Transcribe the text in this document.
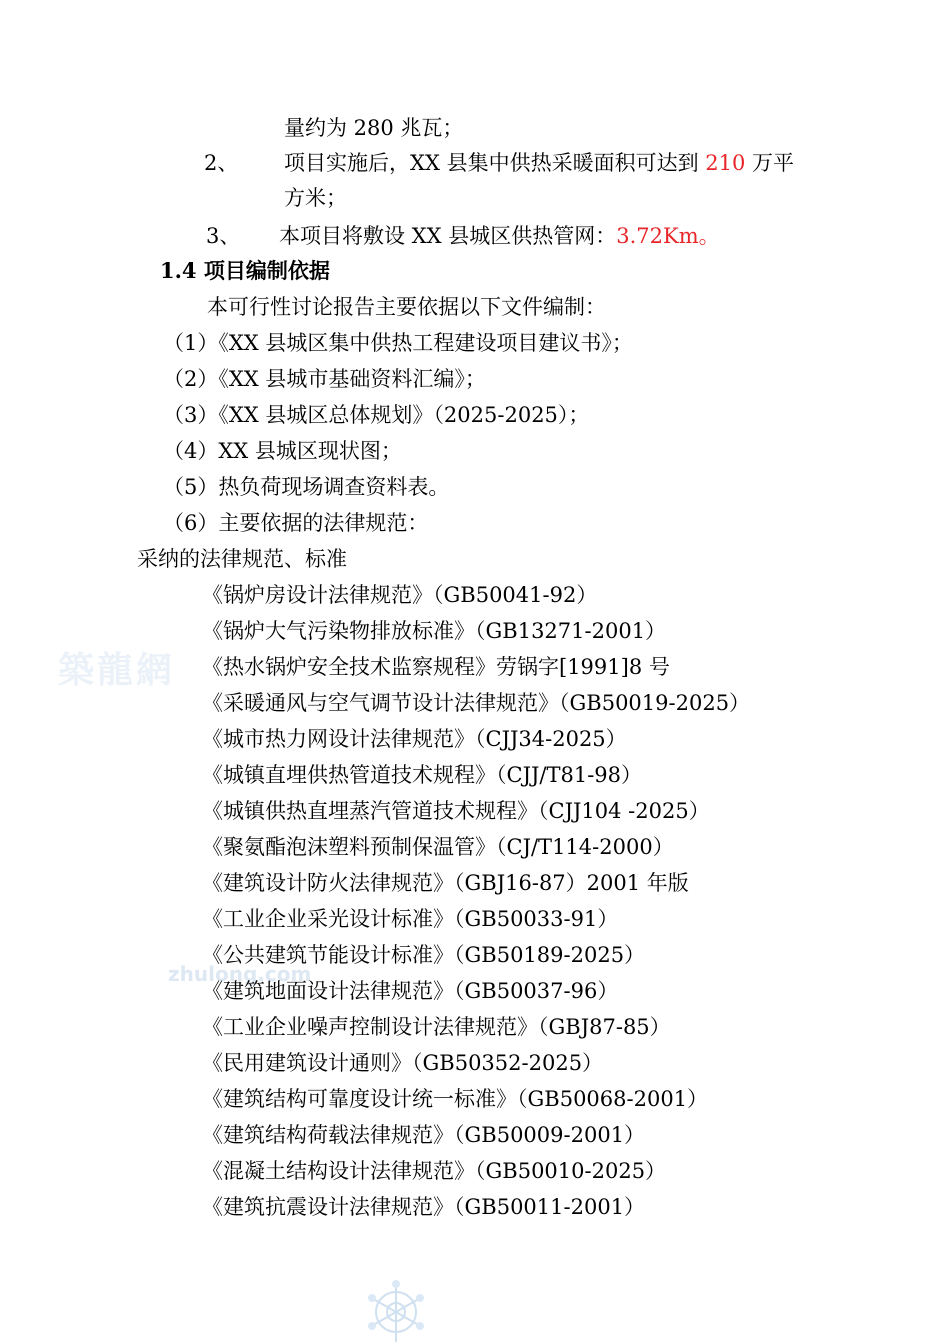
築龍網
zhulong.com
量约为 280 兆瓦；
2、 项目实施后，XX 县集中供热采暖面积可达到 210 万平
方米；
3、 本项目将敷设 XX 县城区供热管网：3.72Km。
1.4 项目编制依据
本可行性讨论报告主要依据以下文件编制：
（1）《XX 县城区集中供热工程建设项目建议书》；
（2）《XX 县城市基础资料汇编》；
（3）《XX 县城区总体规划》（2025-2025）；
（4）XX 县城区现状图；
（5）热负荷现场调查资料表。
（6）主要依据的法律规范：
采纳的法律规范、标准
《锅炉房设计法律规范》（GB50041-92）
《锅炉大气污染物排放标准》（GB13271-2001）
《热水锅炉安全技术监察规程》劳锅字[1991]8 号
《采暖通风与空气调节设计法律规范》（GB50019-2025）
《城市热力网设计法律规范》（CJJ34-2025）
《城镇直埋供热管道技术规程》（CJJ/T81-98）
《城镇供热直埋蒸汽管道技术规程》（CJJ104 -2025）
《聚氨酯泡沫塑料预制保温管》（CJ/T114-2000）
《建筑设计防火法律规范》（GBJ16-87）2001 年版
《工业企业采光设计标准》（GB50033-91）
《公共建筑节能设计标准》（GB50189-2025）
《建筑地面设计法律规范》（GB50037-96）
《工业企业噪声控制设计法律规范》（GBJ87-85）
《民用建筑设计通则》（GB50352-2025）
《建筑结构可靠度设计统一标准》（GB50068-2001）
《建筑结构荷载法律规范》（GB50009-2001）
《混凝土结构设计法律规范》（GB50010-2025）
《建筑抗震设计法律规范》（GB50011-2001）
